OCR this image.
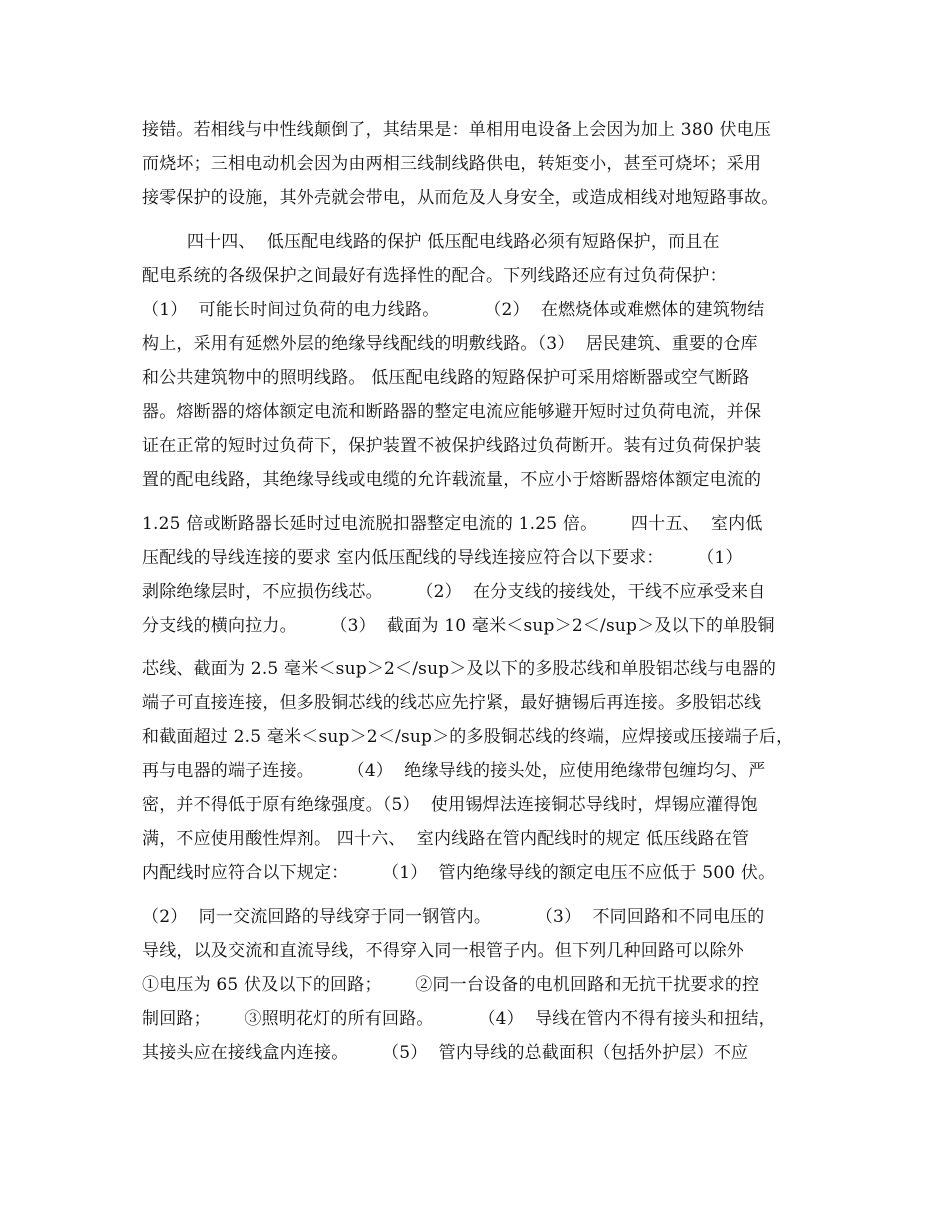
接错。若相线与中性线颠倒了，其结果是：单相用电设备上会因为加上 380 伏电压
而烧坏；三相电动机会因为由两相三线制线路供电，转矩变小，甚至可烧坏；采用
接零保护的设施，其外壳就会带电，从而危及人身安全，或造成相线对地短路事故。
四十四、  低压配电线路的保护 低压配电线路必须有短路保护，而且在
配电系统的各级保护之间最好有选择性的配合。下列线路还应有过负荷保护：
（1）  可能长时间过负荷的电力线路。        （2）  在燃烧体或难燃体的建筑物结
构上，采用有延燃外层的绝缘导线配线的明敷线路。（3）  居民建筑、重要的仓库
和公共建筑物中的照明线路。 低压配电线路的短路保护可采用熔断器或空气断路
器。熔断器的熔体额定电流和断路器的整定电流应能够避开短时过负荷电流，并保
证在正常的短时过负荷下，保护装置不被保护线路过负荷断开。装有过负荷保护装
置的配电线路，其绝缘导线或电缆的允许载流量，不应小于熔断器熔体额定电流的
1.25 倍或断路器长延时过电流脱扣器整定电流的 1.25 倍。      四十五、  室内低
压配线的导线连接的要求 室内低压配线的导线连接应符合以下要求：      （1）
剥除绝缘层时，不应损伤线芯。      （2）  在分支线的接线处，干线不应承受来自
分支线的横向拉力。      （3）  截面为 10 毫米＜sup＞2＜/sup＞及以下的单股铜
芯线、截面为 2.5 毫米＜sup＞2＜/sup＞及以下的多股芯线和单股铝芯线与电器的
端子可直接连接，但多股铜芯线的线芯应先拧紧，最好搪锡后再连接。多股铝芯线
和截面超过 2.5 毫米＜sup＞2＜/sup＞的多股铜芯线的终端，应焊接或压接端子后，
再与电器的端子连接。      （4）  绝缘导线的接头处，应使用绝缘带包缠均匀、严
密，并不得低于原有绝缘强度。（5）  使用锡焊法连接铜芯导线时，焊锡应灌得饱
满，不应使用酸性焊剂。 四十六、  室内线路在管内配线时的规定 低压线路在管
内配线时应符合以下规定：      （1）  管内绝缘导线的额定电压不应低于 500 伏。
（2）  同一交流回路的导线穿于同一钢管内。        （3）  不同回路和不同电压的
导线，以及交流和直流导线，不得穿入同一根管子内。但下列几种回路可以除外
①电压为 65 伏及以下的回路；      ②同一台设备的电机回路和无抗干扰要求的控
制回路；      ③照明花灯的所有回路。        （4）  导线在管内不得有接头和扭结，
其接头应在接线盒内连接。      （5）  管内导线的总截面积（包括外护层）不应
